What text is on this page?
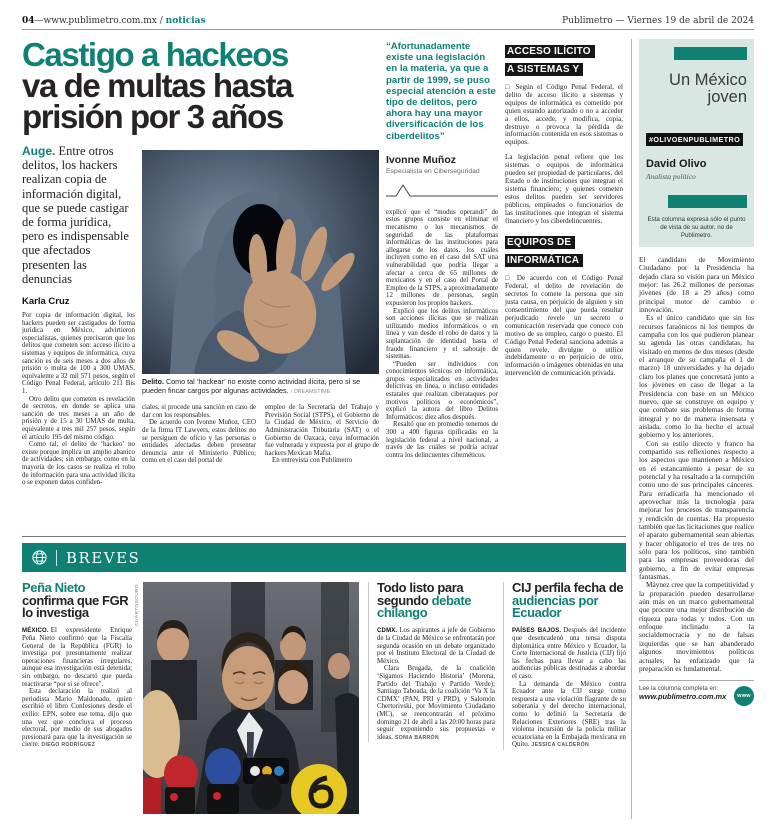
04—www.publimetro.com.mx / noticias	Publimetro — Viernes 19 de abril de 2024
Castigo a hackeos
va de multas hasta prisión por 3 años

Auge. Entre otros delitos, los hackers realizan copia de información digital, que se puede castigar de forma jurídica, pero es indispensable que afectados presenten las denuncias

Karla Cruz

Por copia de información digital, los hackers pueden ser castigados de forma jurídica en México, advirtieron especialistas, quienes precisaron que los delitos que cometen son: acceso ilícito a sistemas y equipos de informática, cuya sanción es de seis meses a dos años de prisión o multa de 100 a 300 UMAS, equivalente a 32 mil 571 pesos, según el Código Penal Federal, artículo 211 Bis 1.

Otro delito que cometen es revelación de secretos, en donde se aplica una sanción de tres meses a un año de prisión y de 15 a 30 UMAS de multa, equivalente a tres mil 257 pesos, según el artículo 195 del mismo código.

Como tal, el delito de ‘hackeo’ no existe porque implica un amplio abanico de actividades; sin embargo, como en la mayoría de los casos se realiza el robo de información para una actividad ilícita o se exponen datos confiden-

Delito. Como tal ‘hackear’ no existe como actividad ilícita, pero sí se pueden fincar cargos por algunas actividades. / DREAMSTIME

ciales, si procede una sanción en caso de dar con los responsables.

De acuerdo con Ivonne Muñoz, CEO de la firma IT Lawyers, estos delitos no se persiguen de oficio y las personas o entidades afectadas deben presentar denuncia ante el Ministerio Público; como en el caso del portal de

empleo de la Secretaría del Trabajo y Previsión Social (STPS), el Gobierno de la Ciudad de México, el Servicio de Administración Tributaria (SAT) o el Gobierno de Oaxaca, cuya información fue vulnerada y expuesta por el grupo de hackers Mexican Mafia.

En entrevista con Publímetro

“Afortunadamente existe una legislación en la materia, ya que a partir de 1999, se puso especial atención a este tipo de delitos, pero ahora hay una mayor diversificación de los ciberdelitos”
Ivonne Muñoz
Especialista en Ciberseguridad

explicó que el “modus operandi” de estos grupos consiste en eliminar el mecanismo o los mecanismos de seguridad de las plataformas informáticas de las instituciones para allegarse de los datos, los cuáles incluyen como en el caso del SAT una vulnerabilidad que podría llegar a afectar a cerca de 65 millones de mexicanos y en el caso del Portal de Empleo de la STPS, a aproximadamente 12 millones de personas, según expusieron los propios hackers.

Explicó que los delitos informáticos son acciones ilícitas que se realizan utilizando medios informáticos o en línea y van desde el robo de datos y la suplantación de identidad hasta el fraude financiero y el sabotaje de sistemas.

“Pueden ser individuos con conocimientos técnicos en informática, grupos especializados en actividades delictivas en línea, o incluso entidades estatales que realizan ciberataques por motivos políticos o económicos”, explicó la autora del libro Delitos Informáticos: diez años después.

Resaltó que en promedio tenemos de 300 a 400 figuras tipificadas en la legislación federal a nivel nacional, a través de las cuáles se podría actuar contra los delincuentes cibernéticos.

ACCESO ILÍCITO A SISTEMAS Y

□ Según el Código Penal Federal, el delito de acceso ilícito a sistemas y equipos de informática es cometido por quien estando autorizado o no a acceder a ellos, accede, y modifica, copia, destruye o provoca la pérdida de información contenida en esos sistemas o equipos.

La legislación penal refiere que los sistemas o equipos de informática pueden ser propiedad de particulares, del Estado o de instituciones que integran el sistema financiero; y quienes cometen estos delitos pueden ser servidores públicos, empleados o funcionarios de las instituciones que integran el sistema financiero y los ciberdelincuentes.

EQUIPOS DE INFORMÁTICA

□ De acuerdo con el Código Penal Federal, el delito de revelación de secretos lo comete la persona que sin justa causa, en perjuicio de alguien y sin consentimiento del que pueda resultar perjudicado revele un secreto o comunicación reservada que conoce con motivo de su empleo, cargo o puesto. El Código Penal Federal sanciona además a quien revele, divulgue o utilice indebidamente o en perjuicio de otro, información o imágenes obtenidas en una intervención de comunicación privada.

BREVES
Peña Nieto
confirma que FGR lo investiga

MÉXICO. El expresidente Enrique Peña Nieto confirmó que la Fiscalía General de la República (FGR) lo investiga por presuntamente realizar operaciones financieras irregulares, aunque esa investigación está detenida; sin embargo, no descartó que pueda reactivarse “por si se ofrece”.

Esta declaración la realizó al periodista Mario Maldonado, quien escribió el libro Confesiones desde el exilio: EPN, sobre ese tema, dijo que una vez que concluya el proceso electoral, por medio de sus abogados presionará para que la investigación se cierre. DIEGO RODRÍGUEZ

CUARTOSCURO	Todo listo para segundo debate chilango

CDMX. Los aspirantes a jefe de Gobierno de la Ciudad de México se enfrentarán por segunda ocasión en un debate organizado por el Instituto Electoral de la Ciudad de México.

Clara Brugada, de la coalición ‘Sigamos Haciendo Historia’ (Morena, Partido del Trabajo y Partido Verde); Santiago Taboada, de la coalición ‘Va X la CDMX’ (PAN, PRI y PRD), y Salomón Chertorivski, por Movimiento Ciudadano (MC), se reencontrarán el próximo domingo 21 de abril a las 20:00 horas para seguir exponiendo sus propuestas e ideas. SONIA BARRÓN

CIJ perfila fecha de audiencias por Ecuador

PAÍSES BAJOS. Después del incidente que desencadenó una tensa disputa diplomática entre México y Ecuador, la Corte Internacional de Justicia (CIJ) fijó las fechas para llevar a cabo las audiencias públicas destinadas a abordar el caso.

La demanda de México contra Ecuador ante la CIJ surge como respuesta a una violación flagrante de su soberanía y del derecho internacional, como lo definió la Secretaría de Relaciones Exteriores (SRE) tras la violenta incursión de la policía militar ecuatoriana en la Embajada mexicana en Quito. JESSICA CALDERÓN

Un México joven
#OLIVOENPUBLIMETRO
David Olivo
Analista político
Esta columna expresa sólo el punto de vista de su autor, no de Publimetro.

El candidato de Movimiento Ciudadano por la Presidencia ha dejado clara su visión para un México mejor: las 26.2 millones de personas jóvenes (de 18 a 29 años) como principal motor de cambio e innovación.

Es el único candidato que sin los recursos faraónicos ni los tiempos de campaña con los que pudieron planear su agenda las otras candidatas, ha visitado en menos de dos meses (desde el arranque de su campaña el 1 de marzo) 18 universidades y ha dejado claro los planes que concretará junto a los jóvenes en caso de llegar a la Presidencia con base en un México nuevo, que se construye en equipo y que combate sus problemas de forma integral y no de manera insensata y aislada, como lo ha hecho el actual gobierno y los anteriores.

Con su estilo directo y franco ha compartido sus reflexiones respecto a los aspectos que mantienen a México en el estancamiento a pesar de su potencial y ha resaltado a la corrupción como uno de sus principales cánceres. Para erradicarla ha mencionado el aprovechar más la tecnología para mejorar los procesos de transparencia y rendición de cuentas. Ha propuesto también que las licitaciones que realice el aparato gubernamental sean abiertas y hacer obligatorio el tres de tres no sólo para los políticos, sino también para las empresas proveedoras del gobierno, a fin de evitar empresas fantasmas.

Máynez cree que la competitividad y la preparación pueden desarrollarse aún más en un marco gubernamental que procure una mejor distribución de riqueza para todas y todos. Con un enfoque inclinado a la socialdemocracia y no de falsas izquierdas que se han abanderado algunos movimientos políticos actuales, ha enfatizado que la preparación es fundamental.

Lee la columna completa en:
www.publimetro.com.mx	www
